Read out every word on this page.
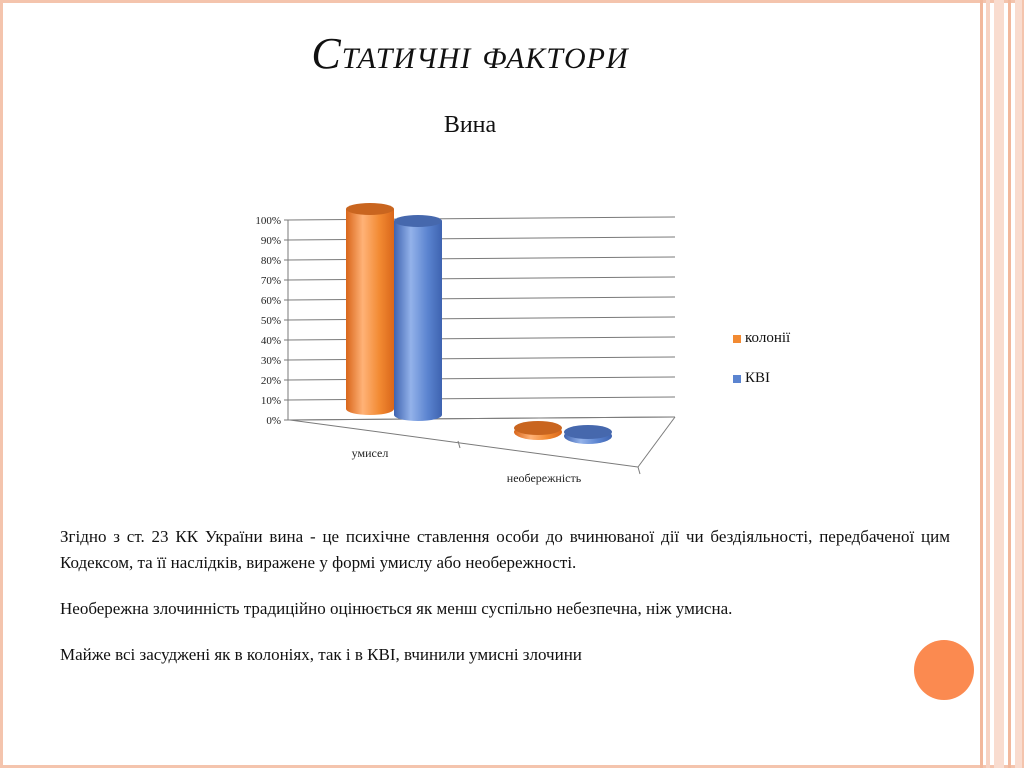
СТАТИЧНІ ФАКТОРИ
Вина
0%
10%
20%
30%
40%
50%
60%
70%
80%
90%
100%
умисел
необережність
колонії
КВІ

Згідно з ст. 23 КК України вина - це психічне ставлення особи до вчинюваної дії чи бездіяльності, передбаченої цим Кодексом, та її наслідків, виражене у формі умислу або необережності.

Необережна злочинність традиційно оцінюється як менш суспільно небезпечна, ніж умисна.

Майже всі засуджені як в колоніях, так і в КВІ, вчинили умисні злочини
